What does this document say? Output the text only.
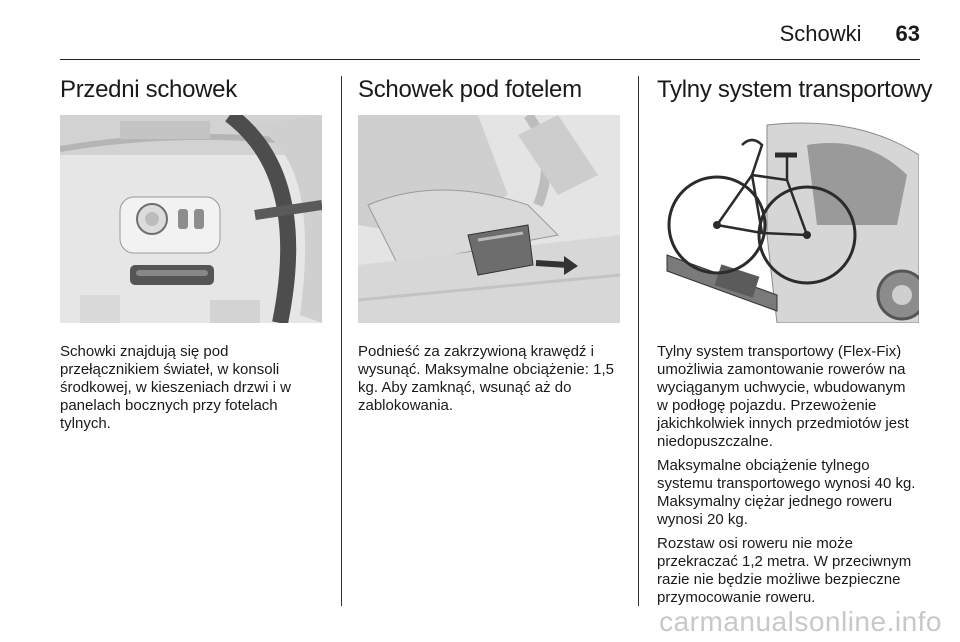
Schowki 63
Przedni schowek

Schowki znajdują się pod przełącznikiem świateł, w konsoli środkowej, w kieszeniach drzwi i w panelach bocznych przy fotelach tylnych.

Schowek pod fotelem

Podnieść za zakrzywioną krawędź i wysunąć. Maksymalne obciążenie: 1,5 kg. Aby zamknąć, wsunąć aż do zablokowania.

Tylny system transportowy

Tylny system transportowy (Flex-Fix) umożliwia zamontowanie rowerów na wyciąganym uchwycie, wbudowanym w podłogę pojazdu. Przewożenie jakichkolwiek innych przedmiotów jest niedopuszczalne.

Maksymalne obciążenie tylnego systemu transportowego wynosi 40 kg. Maksymalny ciężar jednego roweru wynosi 20 kg.

Rozstaw osi roweru nie może przekraczać 1,2 metra. W przeciwnym razie nie będzie możliwe bezpieczne przymocowanie roweru.

carmanualsonline.info
